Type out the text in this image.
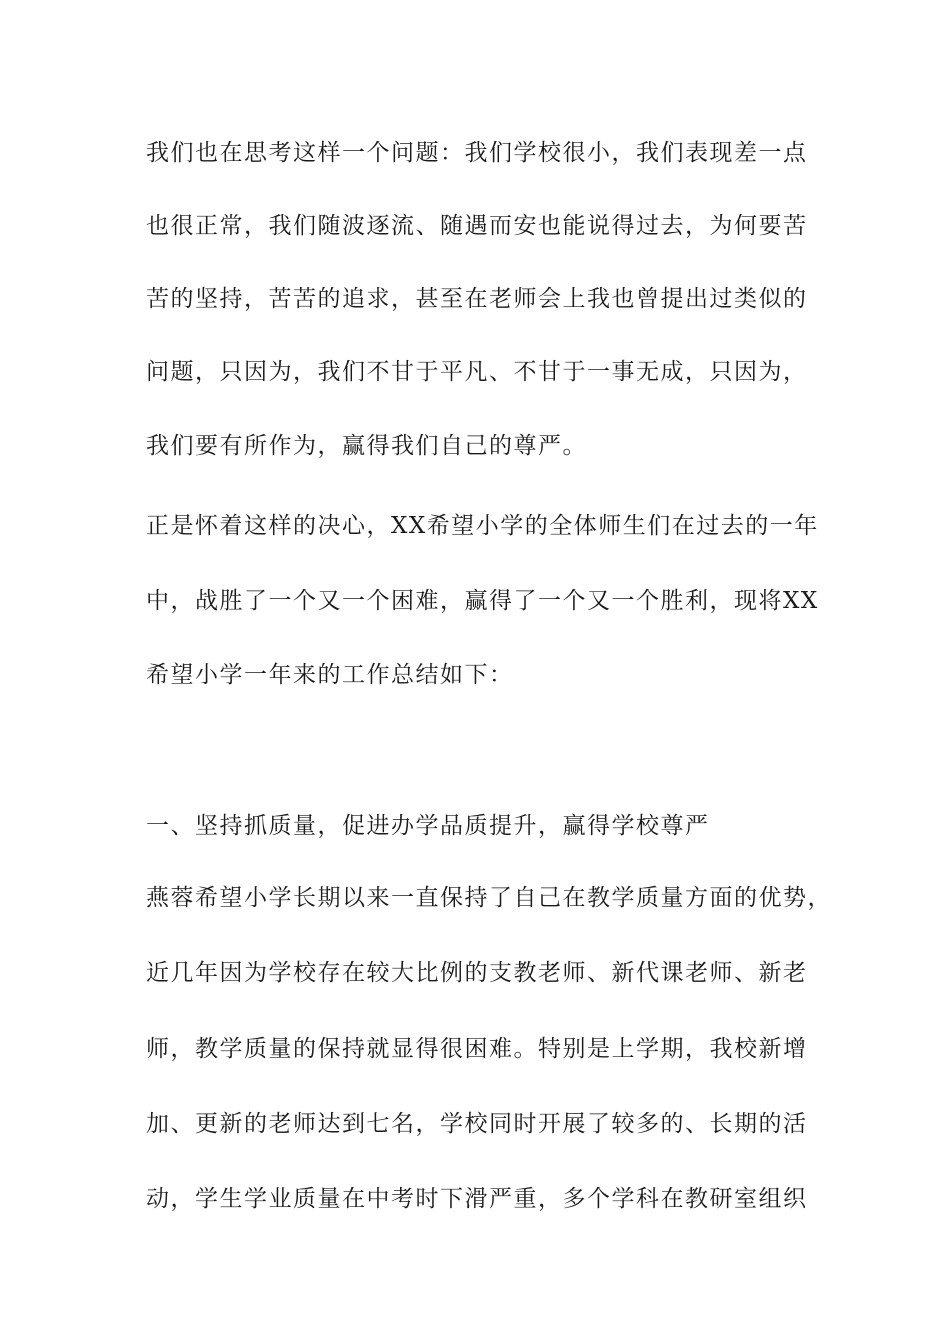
我们也在思考这样一个问题：我们学校很小，我们表现差一点
也很正常，我们随波逐流、随遇而安也能说得过去，为何要苦
苦的坚持，苦苦的追求，甚至在老师会上我也曾提出过类似的
问题，只因为，我们不甘于平凡、不甘于一事无成，只因为，
我们要有所作为，赢得我们自己的尊严。
正是怀着这样的决心，XX希望小学的全体师生们在过去的一年
中，战胜了一个又一个困难，赢得了一个又一个胜利，现将XX
希望小学一年来的工作总结如下：
一、坚持抓质量，促进办学品质提升，赢得学校尊严
燕蓉希望小学长期以来一直保持了自己在教学质量方面的优势，
近几年因为学校存在较大比例的支教老师、新代课老师、新老
师，教学质量的保持就显得很困难。特别是上学期，我校新增
加、更新的老师达到七名，学校同时开展了较多的、长期的活
动，学生学业质量在中考时下滑严重，多个学科在教研室组织
